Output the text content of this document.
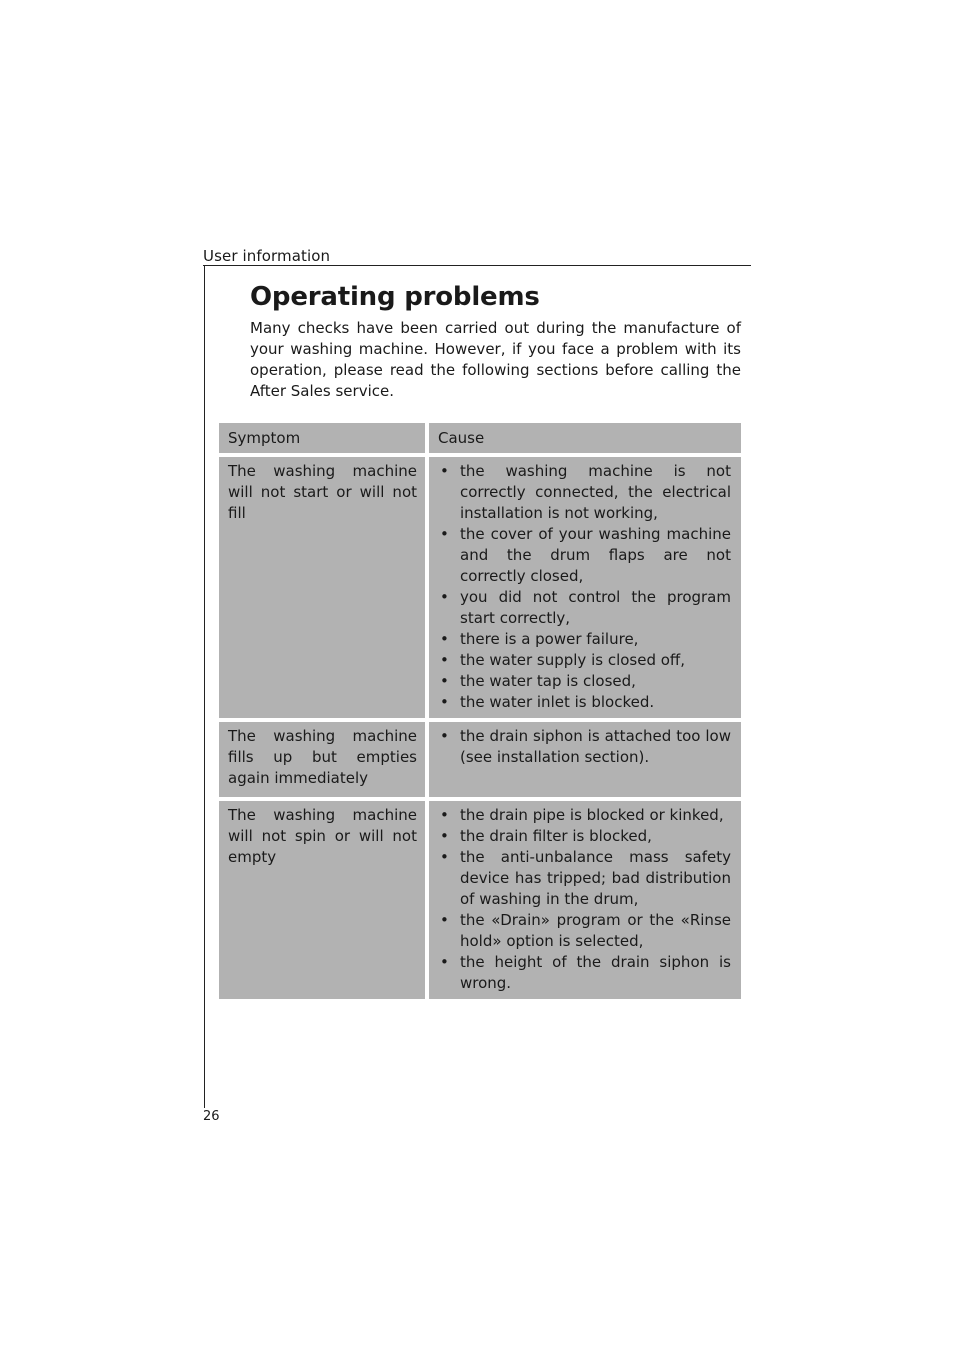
User information
Operating problems

Many checks have been carried out during the manufacture of your washing machine. However, if you face a problem with its operation, please read the following sections before calling the After Sales service.

Symptom	Cause
The washing machine will not start or will not fill
• the washing machine is not correctly connected, the electrical installation is not working,
• the cover of your washing machine and the drum flaps are not correctly closed,
• you did not control the program start correctly,
• there is a power failure,
• the water supply is closed off,
• the water tap is closed,
• the water inlet is blocked.
The washing machine fills up but empties again immediately
• the drain siphon is attached too low (see installation section).
The washing machine will not spin or will not empty
• the drain pipe is blocked or kinked,
• the drain filter is blocked,
• the anti-unbalance mass safety device has tripped; bad distribution of washing in the drum,
• the «Drain» program or the «Rinse hold» option is selected,
• the height of the drain siphon is wrong.
26
